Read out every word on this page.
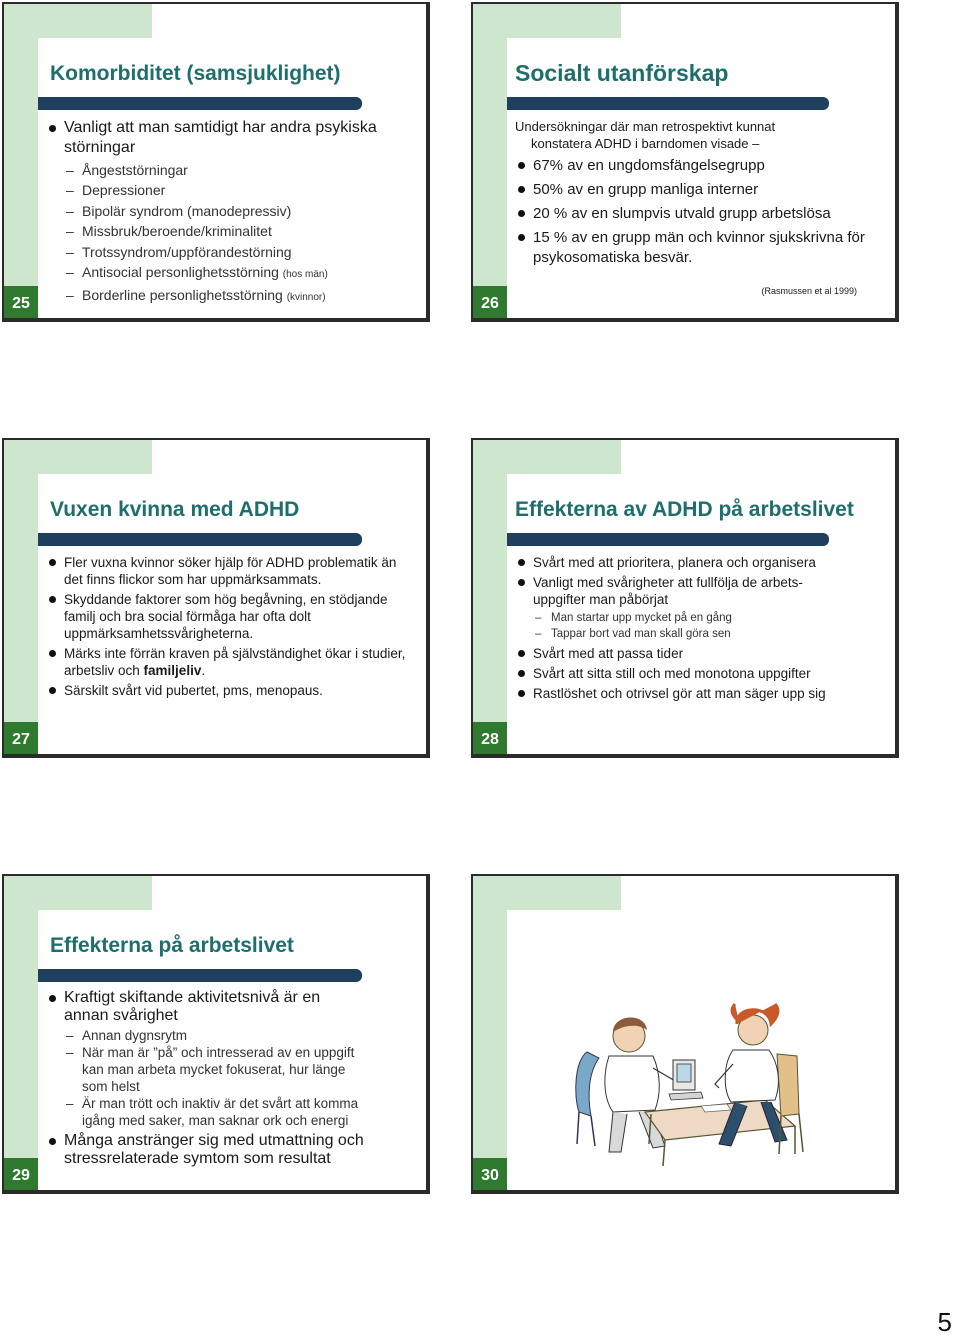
25
Komorbiditet (samsjuklighet)
Vanligt att man samtidigt har andra psykiska störningar
– Ångeststörningar
– Depressioner
– Bipolär syndrom (manodepressiv)
– Missbruk/beroende/kriminalitet
– Trotssyndrom/uppförandestörning
– Antisocial personlighetsstörning (hos män)
– Borderline personlighetsstörning (kvinnor)	26
Socialt utanförskap

Undersökningar där man retrospektivt kunnat
konstatera ADHD i barndomen visade –

67% av en ungdomsfängelsegrupp
50% av en grupp manliga interner
20 % av en slumpvis utvald grupp arbetslösa
15 % av en grupp män och kvinnor sjukskrivna för psykosomatiska besvär.
(Rasmussen et al 1999)
27
Vuxen kvinna med ADHD
Fler vuxna kvinnor söker hjälp för ADHD problematik än det finns flickor som har uppmärksammats.
Skyddande faktorer som hög begåvning, en stödjande familj och bra social förmåga har ofta dolt uppmärksamhetssvårigheterna.
Märks inte förrän kraven på självständighet ökar i studier, arbetsliv och familjeliv.
Särskilt svårt vid pubertet, pms, menopaus.
28
Effekterna av ADHD på arbetslivet
Svårt med att prioritera, planera och organisera
Vanligt med svårigheter att fullfölja de arbets-uppgifter man påbörjat
– Man startar upp mycket på en gång
– Tappar bort vad man skall göra sen
Svårt med att passa tider
Svårt att sitta still och med monotona uppgifter
Rastlöshet och otrivsel gör att man säger upp sig
29
Effekterna på arbetslivet
Kraftigt skiftande aktivitetsnivå är en annan svårighet
– Annan dygnsrytm
– När man är ”på” och intresserad av en uppgift kan man arbeta mycket fokuserat, hur länge som helst
– Är man trött och inaktiv är det svårt att komma igång med saker, man saknar ork och energi
Många anstränger sig med utmattning och stressrelaterade symtom som resultat
30
5
